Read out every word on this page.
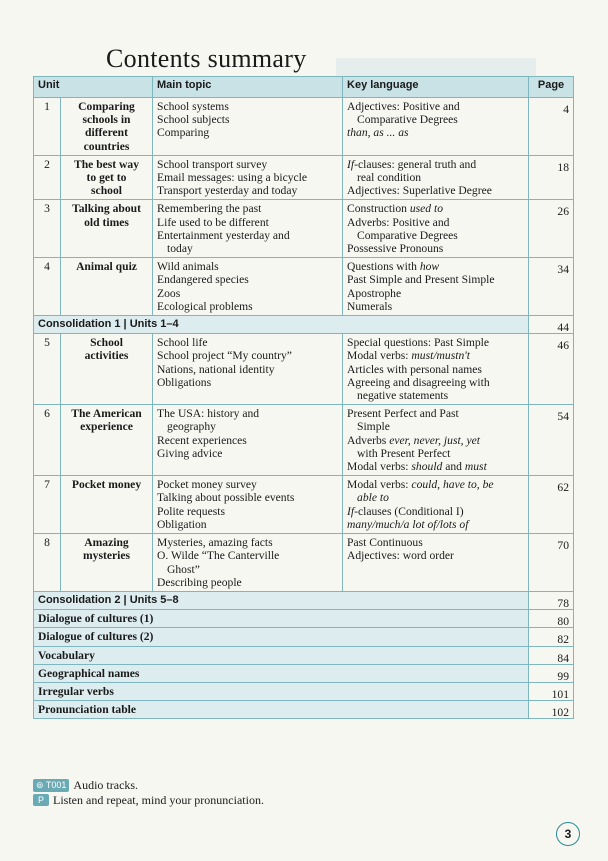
Contents summary
Unit		Main topic	Key language	Page
1	Comparing
schools in
different
countries	School systems
School subjects
Comparing	Adjectives: Positive and
Comparative Degrees
than, as ... as	4
2	The best way
to get to
school	School transport survey
Email messages: using a bicycle
Transport yesterday and today	If-clauses: general truth and
real condition
Adjectives: Superlative Degree	18
3	Talking about
old times	Remembering the past
Life used to be different
Entertainment yesterday and
today	Construction used to
Adverbs: Positive and
Comparative Degrees
Possessive Pronouns	26
4	Animal quiz	Wild animals
Endangered species
Zoos
Ecological problems	Questions with how
Past Simple and Present Simple
Apostrophe
Numerals	34
Consolidation 1 | Units 1–4				44
5	School
activities	School life
School project “My country”
Nations, national identity
Obligations	Special questions: Past Simple
Modal verbs: must/mustn't
Articles with personal names
Agreeing and disagreeing with
negative statements	46
6	The American
experience	The USA: history and
geography
Recent experiences
Giving advice	Present Perfect and Past
Simple
Adverbs ever, never, just, yet
with Present Perfect
Modal verbs: should and must	54
7	Pocket money	Pocket money survey
Talking about possible events
Polite requests
Obligation	Modal verbs: could, have to, be
able to
If-clauses (Conditional I)
many/much/a lot of/lots of	62
8	Amazing
mysteries	Mysteries, amazing facts
O. Wilde “The Canterville
Ghost”
Describing people	Past Continuous
Adjectives: word order	70
Consolidation 2 | Units 5–8				78
Dialogue of cultures (1)				80
Dialogue of cultures (2)				82
Vocabulary				84
Geographical names				99
Irregular verbs				101
Pronunciation table				102
⊚ T001 Audio tracks.
P Listen and repeat, mind your pronunciation.
3
